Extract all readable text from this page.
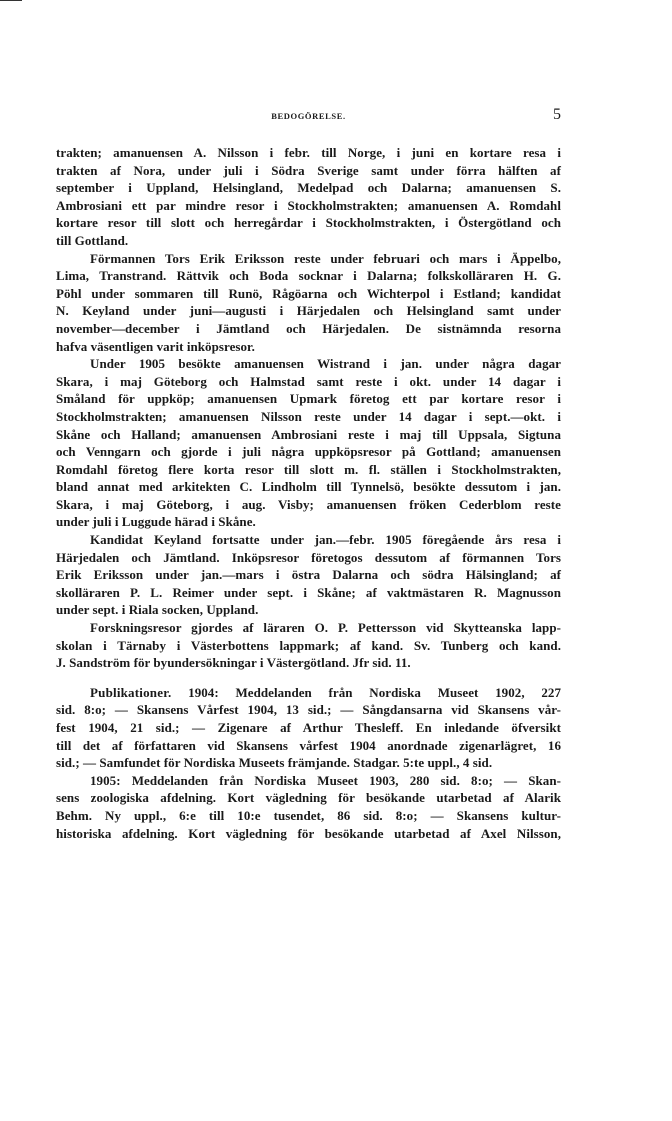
BEDOGÖRELSE.	5
trakten; amanuensen A. Nilsson i febr. till Norge, i juni en kortare resa i
trakten af Nora, under juli i Södra Sverige samt under förra hälften af
september i Uppland, Helsingland, Medelpad och Dalarna; amanuensen S.
Ambrosiani ett par mindre resor i Stockholmstrakten; amanuensen A. Romdahl
kortare resor till slott och herregårdar i Stockholmstrakten, i Östergötland och
till Gottland.
Förmannen Tors Erik Eriksson reste under februari och mars i Äppelbo,
Lima, Transtrand. Rättvik och Boda socknar i Dalarna; folkskolläraren H. G.
Pöhl under sommaren till Runö, Rågöarna och Wichterpol i Estland; kandidat
N. Keyland under juni—augusti i Härjedalen och Helsingland samt under
november—december i Jämtland och Härjedalen. De sistnämnda resorna
hafva väsentligen varit inköpsresor.
Under 1905 besökte amanuensen Wistrand i jan. under några dagar
Skara, i maj Göteborg och Halmstad samt reste i okt. under 14 dagar i
Småland för uppköp; amanuensen Upmark företog ett par kortare resor i
Stockholmstrakten; amanuensen Nilsson reste under 14 dagar i sept.—okt. i
Skåne och Halland; amanuensen Ambrosiani reste i maj till Uppsala, Sigtuna
och Venngarn och gjorde i juli några uppköpsresor på Gottland; amanuensen
Romdahl företog flere korta resor till slott m. fl. ställen i Stockholmstrakten,
bland annat med arkitekten C. Lindholm till Tynnelsö, besökte dessutom i jan.
Skara, i maj Göteborg, i aug. Visby; amanuensen fröken Cederblom reste
under juli i Luggude härad i Skåne.
Kandidat Keyland fortsatte under jan.—febr. 1905 föregående års resa i
Härjedalen och Jämtland. Inköpsresor företogos dessutom af förmannen Tors
Erik Eriksson under jan.—mars i östra Dalarna och södra Hälsingland; af
skolläraren P. L. Reimer under sept. i Skåne; af vaktmästaren R. Magnusson
under sept. i Riala socken, Uppland.
Forskningsresor gjordes af läraren O. P. Pettersson vid Skytteanska lapp-
skolan i Tärnaby i Västerbottens lappmark; af kand. Sv. Tunberg och kand.
J. Sandström för byundersökningar i Västergötland. Jfr sid. 11.
Publikationer. 1904: Meddelanden från Nordiska Museet 1902, 227
sid. 8:o; — Skansens Vårfest 1904, 13 sid.; — Sångdansarna vid Skansens vår-
fest 1904, 21 sid.; — Zigenare af Arthur Thesleff. En inledande öfversikt
till det af författaren vid Skansens vårfest 1904 anordnade zigenarlägret, 16
sid.; — Samfundet för Nordiska Museets främjande. Stadgar. 5:te uppl., 4 sid.
1905: Meddelanden från Nordiska Museet 1903, 280 sid. 8:o; — Skan-
sens zoologiska afdelning. Kort vägledning för besökande utarbetad af Alarik
Behm. Ny uppl., 6:e till 10:e tusendet, 86 sid. 8:o; — Skansens kultur-
historiska afdelning. Kort vägledning för besökande utarbetad af Axel Nilsson,
